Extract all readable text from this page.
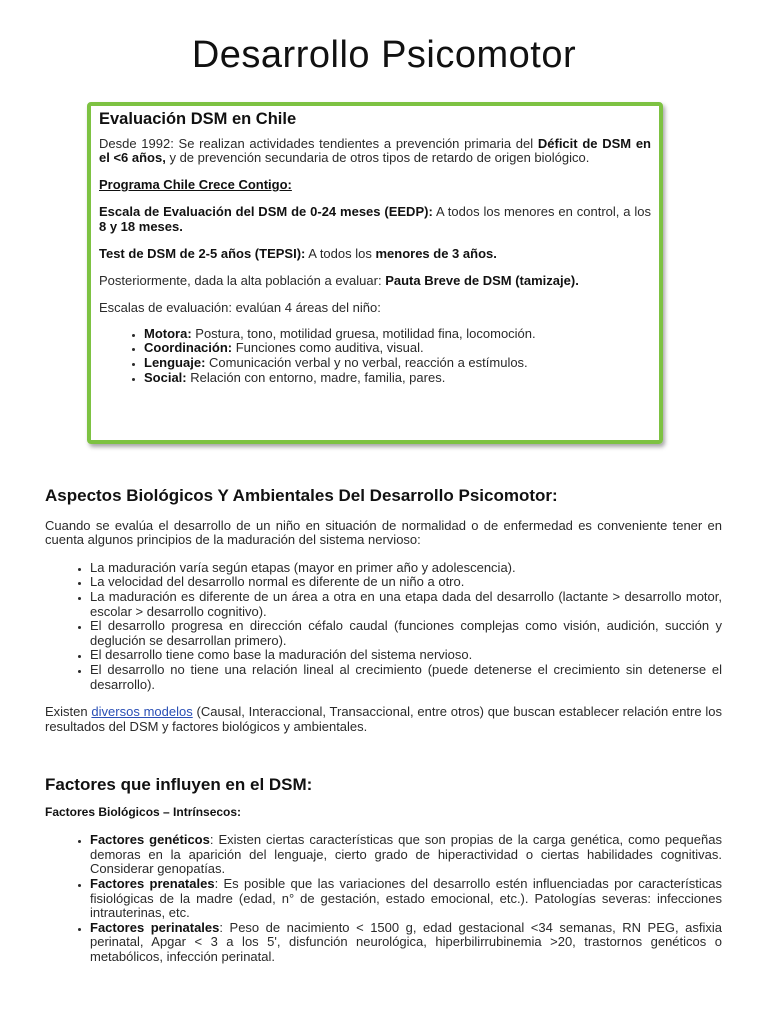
Desarrollo Psicomotor
Evaluación DSM en Chile

Desde 1992: Se realizan actividades tendientes a prevención primaria del Déficit de DSM en el <6 años, y de prevención secundaria de otros tipos de retardo de origen biológico.

Programa Chile Crece Contigo:

Escala de Evaluación del DSM de 0-24 meses (EEDP): A todos los menores en control, a los 8 y 18 meses.

Test de DSM de 2-5 años (TEPSI): A todos los menores de 3 años.

Posteriormente, dada la alta población a evaluar: Pauta Breve de DSM (tamizaje).

Escalas de evaluación: evalúan 4 áreas del niño:

• Motora: Postura, tono, motilidad gruesa, motilidad fina, locomoción.
• Coordinación: Funciones como auditiva, visual.
• Lenguaje: Comunicación verbal y no verbal, reacción a estímulos.
• Social: Relación con entorno, madre, familia, pares.
Aspectos Biológicos Y Ambientales Del Desarrollo Psicomotor:

Cuando se evalúa el desarrollo de un niño en situación de normalidad o de enfermedad es conveniente tener en cuenta algunos principios de la maduración del sistema nervioso:

• La maduración varía según etapas (mayor en primer año y adolescencia).
• La velocidad del desarrollo normal es diferente de un niño a otro.
• La maduración es diferente de un área a otra en una etapa dada del desarrollo (lactante > desarrollo motor, escolar > desarrollo cognitivo).
• El desarrollo progresa en dirección céfalo caudal (funciones complejas como visión, audición, succión y deglución se desarrollan primero).
• El desarrollo tiene como base la maduración del sistema nervioso.
• El desarrollo no tiene una relación lineal al crecimiento (puede detenerse el crecimiento sin detenerse el desarrollo).

Existen diversos modelos (Causal, Interaccional, Transaccional, entre otros) que buscan establecer relación entre los resultados del DSM y factores biológicos y ambientales.

Factores que influyen en el DSM:

Factores Biológicos – Intrínsecos:

• Factores genéticos: Existen ciertas características que son propias de la carga genética, como pequeñas demoras en la aparición del lenguaje, cierto grado de hiperactividad o ciertas habilidades cognitivas. Considerar genopatías.
• Factores prenatales: Es posible que las variaciones del desarrollo estén influenciadas por características fisiológicas de la madre (edad, n° de gestación, estado emocional, etc.). Patologías severas: infecciones intrauterinas, etc.
• Factores perinatales: Peso de nacimiento < 1500 g, edad gestacional <34 semanas, RN PEG, asfixia perinatal, Apgar < 3 a los 5', disfunción neurológica, hiperbilirrubinemia >20, trastornos genéticos o metabólicos, infección perinatal.
